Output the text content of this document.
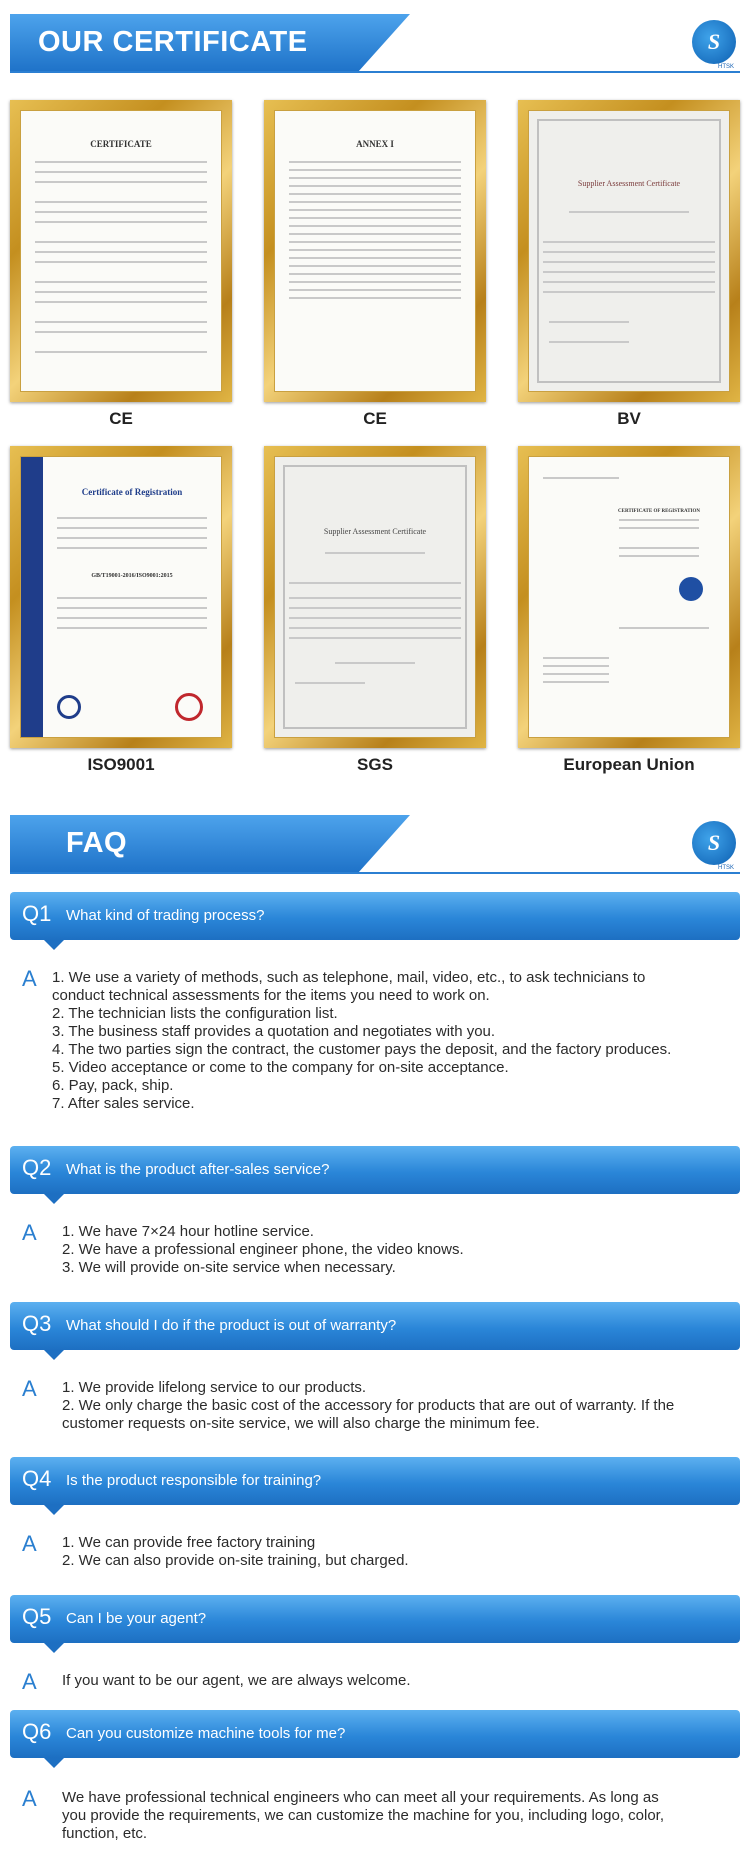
OUR CERTIFICATE	S
HTSK
CERTIFICATE
CE
ANNEX I
CE
Supplier Assessment Certificate
BV
Certificate of Registration
GB/T19001-2016/ISO9001:2015
ISO9001
Supplier Assessment Certificate
SGS
CERTIFICATE OF REGISTRATION
European Union
FAQ	S
HTSK
Q1 What kind of trading process?
A 1. We use a variety of methods, such as telephone, mail, video, etc., to ask technicians to
conduct technical assessments for the items you need to work on.
2. The technician lists the configuration list.
3. The business staff provides a quotation and negotiates with you.
4. The two parties sign the contract, the customer pays the deposit, and the factory produces.
5. Video acceptance or come to the company for on-site acceptance.
6. Pay, pack, ship.
7. After sales service.
Q2 What is the product after-sales service?
A 1. We have 7×24 hour hotline service.
2. We have a professional engineer phone, the video knows.
3. We will provide on-site service when necessary.
Q3 What should I do if the product is out of warranty?
A 1. We provide lifelong service to our products.
2. We only charge the basic cost of the accessory for products that are out of warranty. If the
customer requests on-site service, we will also charge the minimum fee.
Q4 Is the product responsible for training?
A 1. We can provide free factory training
2. We can also provide on-site training, but charged.
Q5 Can I be your agent?
A If you want to be our agent, we are always welcome.
Q6 Can you customize machine tools for me?
A We have professional technical engineers who can meet all your requirements. As long as
you provide the requirements, we can customize the machine for you, including logo, color,
function, etc.
